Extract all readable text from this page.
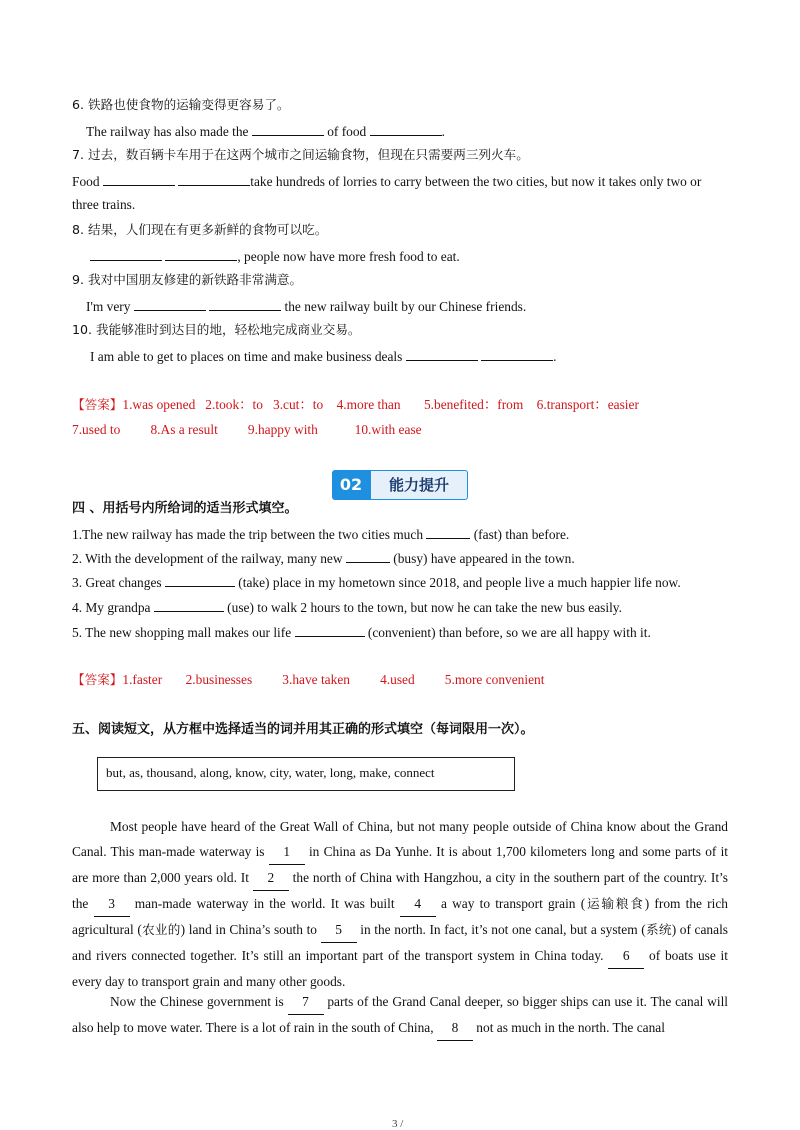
6. 铁路也使食物的运输变得更容易了。
The railway has also made the	of food	.
7. 过去，数百辆卡车用于在这两个城市之间运输食物，但现在只需要两三列火车。
Food	take hundreds of lorries to carry between the two cities, but now it takes only two or
three trains.
8. 结果，人们现在有更多新鲜的食物可以吃。
, people now have more fresh food to eat.
9. 我对中国朋友修建的新铁路非常满意。
I'm very	the new railway built by our Chinese friends.
10. 我能够准时到达目的地，轻松地完成商业交易。
I am able to get to places on time and make business deals	.
【答案】1.was opened   2.took：to   3.cut：to    4.more than       5.benefited：from    6.transport：easier
7.used to         8.As a result         9.happy with           10.with ease
02	能力提升
四 、用括号内所给词的适当形式填空。
1.The new railway has made the trip between the two cities much	(fast) than before.
2. With the development of the railway, many new	(busy) have appeared in the town.
3. Great changes	(take) place in my hometown since 2018, and people live a much happier life now.
4. My grandpa	(use) to walk 2 hours to the town, but now he can take the new bus easily.
5. The new shopping mall makes our life	(convenient) than before, so we are all happy with it.
【答案】1.faster       2.businesses         3.have taken         4.used         5.more convenient
五、阅读短文，从方框中选择适当的词并用其正确的形式填空（每词限用一次）。
but, as, thousand, along, know, city, water, long, make, connect
Most people have heard of the Great Wall of China, but not many people outside of China know about the Grand Canal. This man-made waterway is 1 in China as Da Yunhe. It is about 1,700 kilometers long and some parts of it are more than 2,000 years old. It 2 the north of China with Hangzhou, a city in the southern part of the country. It’s the 3 man-made waterway in the world. It was built 4 a way to transport grain (运输粮食) from the rich agricultural (农业的) land in China’s south to 5 in the north. In fact, it’s not one canal, but a system (系统) of canals and rivers connected together. It’s still an important part of the transport system in China today. 6 of boats use it every day to transport grain and many other goods.
Now the Chinese government is 7 parts of the Grand Canal deeper, so bigger ships can use it. The canal will also help to move water. There is a lot of rain in the south of China, 8 not as much in the north. The canal
3 /
